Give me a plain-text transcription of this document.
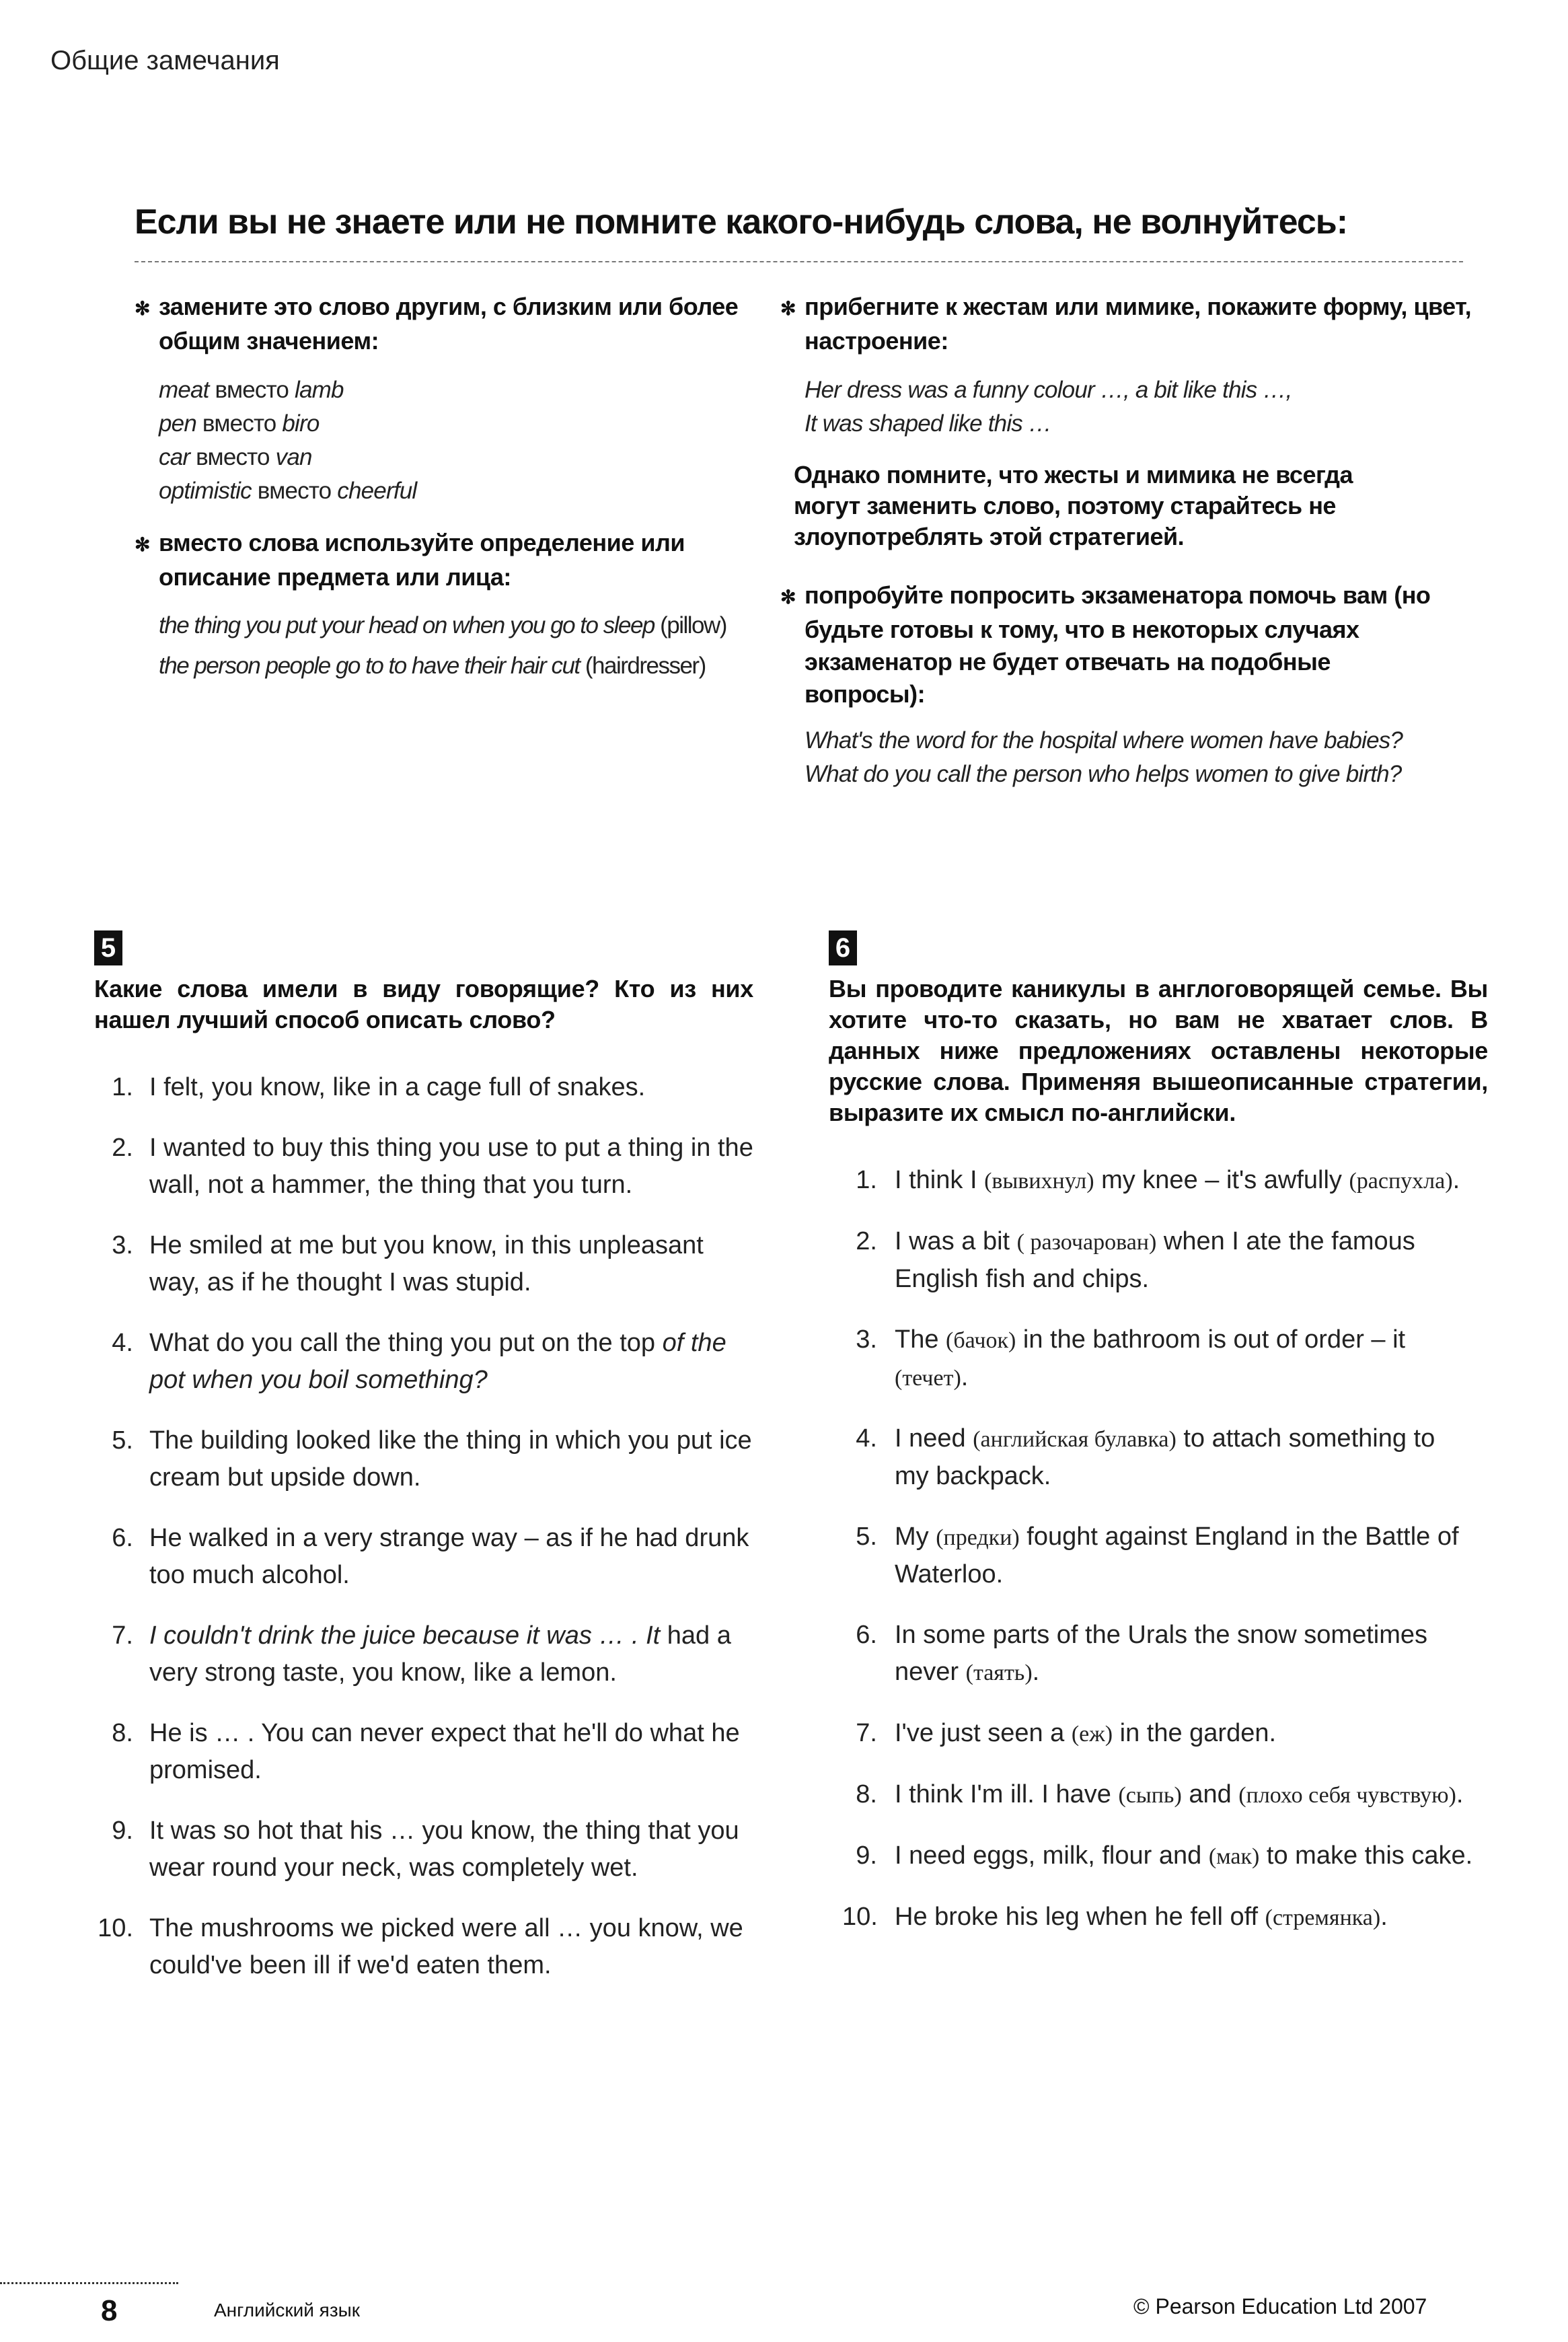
Общие замечания
Если вы не знаете или не помните какого-нибудь слова, не волнуйтесь:

✻ заменитe это слово другим, с близким или более общим значением:

meat вместо lamb

pen вместо biro

car вместо van

optimistic вместо cheerful

✻ вместо слова используйте определение или описание предмета или лица:

the thing you put your head on when you go to sleep (pillow)

the person people go to to have their hair cut (hairdresser)

✻ прибегните к жестам или мимике, покажите форму, цвет, настроение:

Her dress was a funny colour …, a bit like this …,

It was shaped like this …

Однако помните, что жесты и мимика не всегда могут заменить слово, поэтому старайтесь не злоупотреблять этой стратегией.

✻ попробуйте попросить экзаменатора помочь вам (но будьте готовы к тому, что в некоторых случаях экзаменатор не будет отвечать на подобные вопросы):

What's the word for the hospital where women have babies?

What do you call the person who helps women to give birth?

5

Какие слова имели в виду говорящие? Кто из них нашел лучший способ описать слово?

1. I felt, you know, like in a cage full of snakes.
2. I wanted to buy this thing you use to put a thing in the wall, not a hammer, the thing that you turn.
3. He smiled at me but you know, in this unpleasant way, as if he thought I was stupid.
4. What do you call the thing you put on the top of the pot when you boil something?
5. The building looked like the thing in which you put ice cream but upside down.
6. He walked in a very strange way – as if he had drunk too much alcohol.
7. I couldn't drink the juice because it was … . It had a very strong taste, you know, like a lemon.
8. He is … . You can never expect that he'll do what he promised.
9. It was so hot that his … you know, the thing that you wear round your neck, was completely wet.
10. The mushrooms we picked were all … you know, we could've been ill if we'd eaten them.
6

Вы проводите каникулы в англоговорящей семье. Вы хотите что-то сказать, но вам не хватает слов. В данных ниже предложениях оставлены некоторые русские слова. Применяя вышеописанные стратегии, выразите их смысл по-английски.

1. I think I (вывихнул) my knee – it's awfully (распухла).
2. I was a bit ( разочарован) when I ate the famous English fish and chips.
3. The (бачок) in the bathroom is out of order – it (течет).
4. I need (английская булавка) to attach something to my backpack.
5. My (предки) fought against England in the Battle of Waterloo.
6. In some parts of the Urals the snow sometimes never (таять).
7. I've just seen a (еж) in the garden.
8. I think I'm ill. I have (сыпь) and (плохо себя чувствую).
9. I need eggs, milk, flour and (мак) to make this cake.
10. He broke his leg when he fell off (стремянка).
8	Английский язык	© Pearson Education Ltd 2007
